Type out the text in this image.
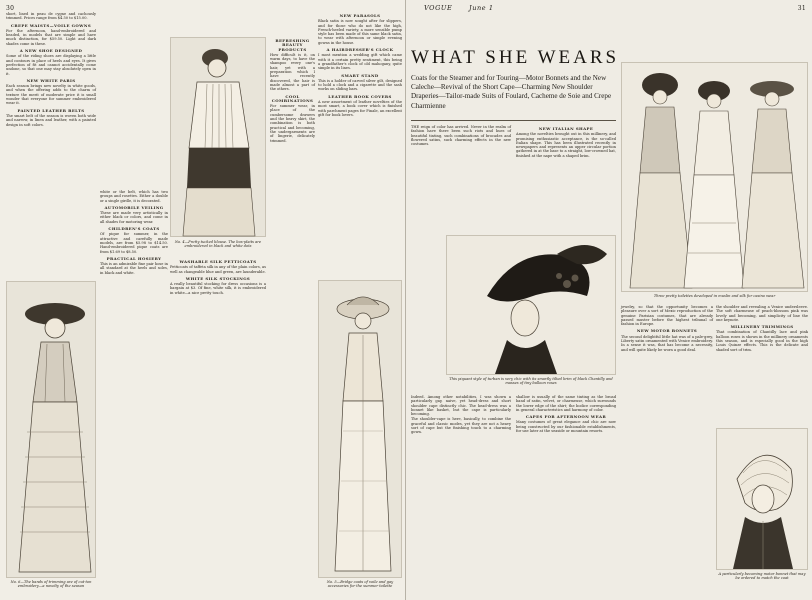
30
short, lined in peau de cygne and cachously trimmed. Prices range from $4.50 to $15.00.
CREPE WAISTS—VOILE GOWNS
For the afternoon, hand-embroidered and beaded, in models that are simple and have much distinction, for $59.50. Light and dark shades come in these.
A NEW SHOE DESIGNED
Some of the riding shoes are displaying a little and contours in place of heels and eyes. It gives perfection of fit and cannot accidentally come undone, so that one may stay absolutely open in it.
NEW WHITE PARIS
Each season brings new novelty in white goods, and when the offering adds to the charm of texture the merit of moderate price it is small wonder that everyone for summer embroidered wear it.
PAINTED LEATHER BELTS
The smart belt of the season is woven both wide and narrow, in linen and leather, with a painted design in soft colors.
No. 6—The bands of trimming are of cut-ton embroidery—a novelty of the season
white or the belt, which has two groups and rosettes. Either a double or a single girdle, it is decorated.
AUTOMOBILE VEILING
These are made very artistically in either black or colors, and come in all shades for motoring wear.
CHILDREN'S COATS
Of pique for summer, in the attractive and carefully made models, are from $5.98 to $14.50. Hand-embroidered pique coats are from $1.69 to $8.50.
PRACTICAL HOSIERY
This is an admirable fine pair hose in all standard at the heels and soles, in black and white.
No. 4—Pretty tucked blouse. The box-plaits are embroidered in black and white dots
WASHABLE SILK PETTICOATS
Petticoats of taffeta silk in any of the plain colors, as well as changeable blue and green, are launderable.
WHITE SILK STOCKINGS
A really beautiful stocking for dress occasions is a bargain at $3. Of fine, white silk, it is embroidered in white—a nice pretty touch.
NEW PARASOLS
Black satin is now sought after for slippers, and for those who do not like the high, French-heeled variety, a more sensible pump style has been made of this same black satin, to wear with afternoon or simple evening gowns in the house.
A HAIRDRESSER'S CLOCK
I most mention a wedding gift which came with it a certain pretty sentiment, this being a grandfather's clock of old mahogany, quite simple in its lines.
SMART STAND
This is a holder of carved silver gilt, designed to hold a clock and a cigarette and the sash works on sliding bars.
LEATHER BOOK COVERS
A new assortment of leather novelties of the most smart, a book cover which is finished with parchment pages for Finale, an excellent gift for book lovers.
REFRESHING BEAUTY PRODUCTS
How difficult is it, on warm days, to have the shampoo every one's hair, yet with a preparation which I have recently discovered, the hair is made almost a part of the others.
COOL COMBINATIONS
For summer wear, in place of the cumbersome drawers and the heavy skirt, the combination is both practical and becoming, the undergarments are of lingerie, delicately trimmed.
No. 5—Bridge coats of voile and gay accessories for the summer toilette
VOGUE	June 1	31
WHAT SHE WEARS
Coats for the Steamer and for Touring—Motor Bonnets and the New Caleche—Revival of the Short Cape—Charming New Shoulder Draperies—Tailor-made Suits of Foulard, Cacheme de Soie and Crepe Charmienne
THE reign of color has arrived. Never in the realm of fashion have there been such riots and hues of beautiful tinting, such combinations of brocades and flowered satins, such charming effects in the new costumes.
NEW ITALIAN SHAPE
Among the novelties brought out in this millinery, and promising enthusiastic acceptance, is the so-called Italian shape. This has been illustrated recently in newspapers and represents an upper circular portion gathered in at the base to a straight, low-crowned hat, finished at the nape with a shaped brim.
Three pretty toilettes developed in muslin and silk for casino wear
This piquant style of turban is very chic with its smartly tilted brim of black Chantilly and masses of tiny balloon roses
Indeed. Among other notabilities, I was shown a particularly gay, naive, yet head-dress and short shoulder cape distinctly chic. The head-dress was a bonnet like basket, but the cape is particularly becoming.
The shoulder-cape is here, basically, to combine the graceful and classic modes, yet they are not a heavy sort of cape but the finishing touch to a charming gown.
shallow is usually of the same tinting as the broad band of satin, velvet, or charmeuse, which surrounds the lower edge of the shirt; the bodice corresponding in general characteristics and harmony of color.
CAPES FOR AFTERNOON WEAR
Many costumes of great elegance and chic are now being constructed by our fashionable establishments, for use later at the seaside or mountain resorts.
jewelry, so that the opportunity becomes a pleasure over a sort of Mexic reproduction of the genuine Parisian costumes, that are already passed muster before the highest tribunal of fashion in Europe.
NEW MOTOR BONNETS
The second delightful little hat was of a pale-grey, Liberty satin ornamented with Venice embroidery. In a sense it was, that has become a necessity, and will quite likely be worn a good deal.
the shoulder and revealing a Venice undersleeve. The soft charmeuse of peach-blossom pink was lovely and becoming, and simplicity of line the one keynote.
MILLINERY TRIMMINGS
That combination of Chantilly lace and pink balloon roses is shown in the millinery ornaments this season, and is especially good in the high Louis Quinze effects. This is the delicate and shaded sort of trim.
A particularly becoming motor bonnet that may be ordered to match the coat
